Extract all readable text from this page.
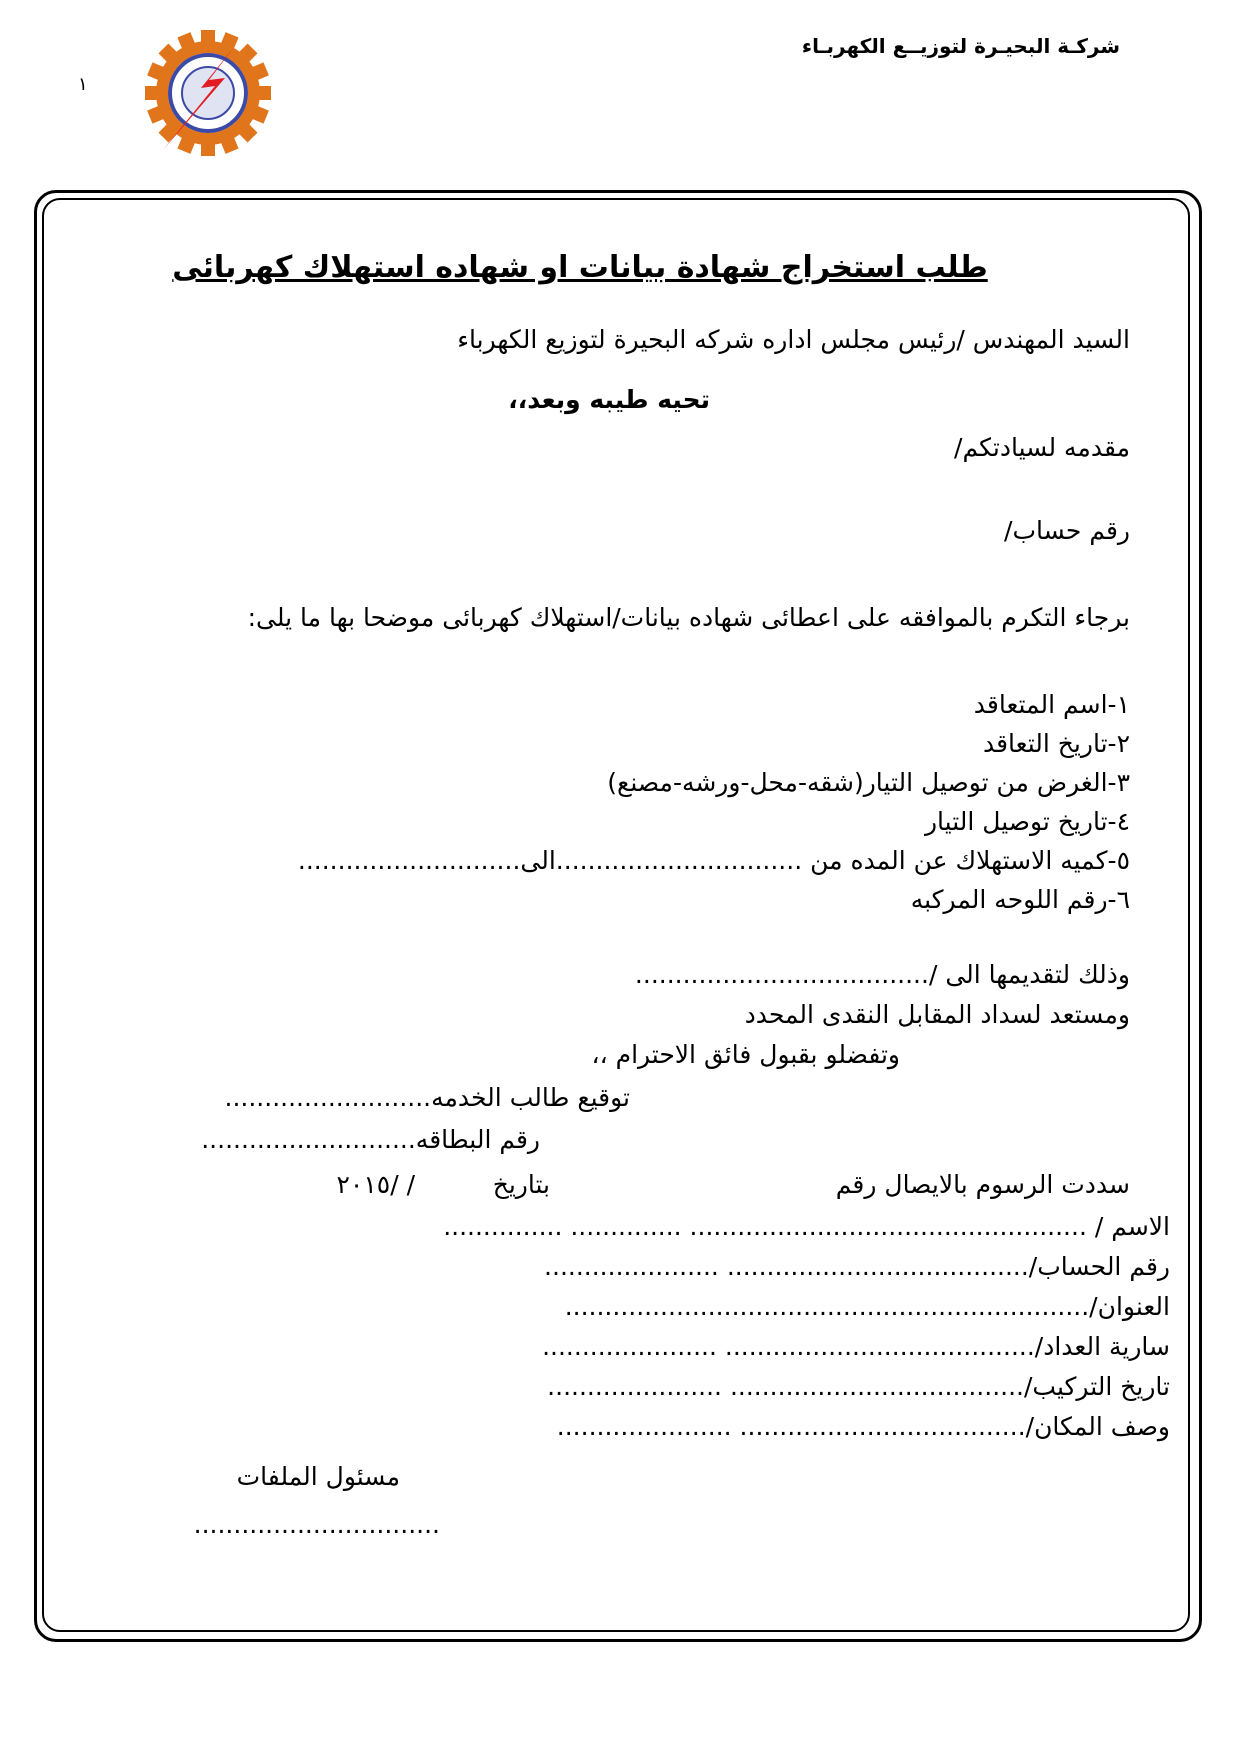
شركـة البحيـرة لتوزيــع الكهربـاء
١
طلب استخراج شهادة بيانات او شهاده استهلاك كهربائى
السيد المهندس /رئيس مجلس اداره شركه البحيرة لتوزيع الكهرباء
تحيه طيبه وبعد،،
مقدمه لسيادتكم/
رقم حساب/
برجاء التكرم بالموافقه على اعطائى شهاده بيانات/استهلاك كهربائى موضحا بها ما يلى:
١-اسم المتعاقد
٢-تاريخ التعاقد
٣-الغرض من توصيل التيار(شقه-محل-ورشه-مصنع)
٤-تاريخ توصيل التيار
٥-كميه الاستهلاك عن المده من ...............................الى............................
٦-رقم اللوحه المركبه
وذلك لتقديمها الى /.....................................
ومستعد لسداد المقابل النقدى المحدد
وتفضلو بقبول فائق الاحترام ،،
توقيع طالب الخدمه..........................
رقم البطاقه...........................
سددت الرسوم بالايصال رقم
بتاريخ
/ /٢٠١٥
الاسم / .................................................. .............. ...............
رقم الحساب/...................................... ......................
العنوان/..................................................................
سارية العداد/....................................... ......................
تاريخ التركيب/..................................... ......................
وصف المكان/.................................... ......................
مسئول الملفات
...............................
